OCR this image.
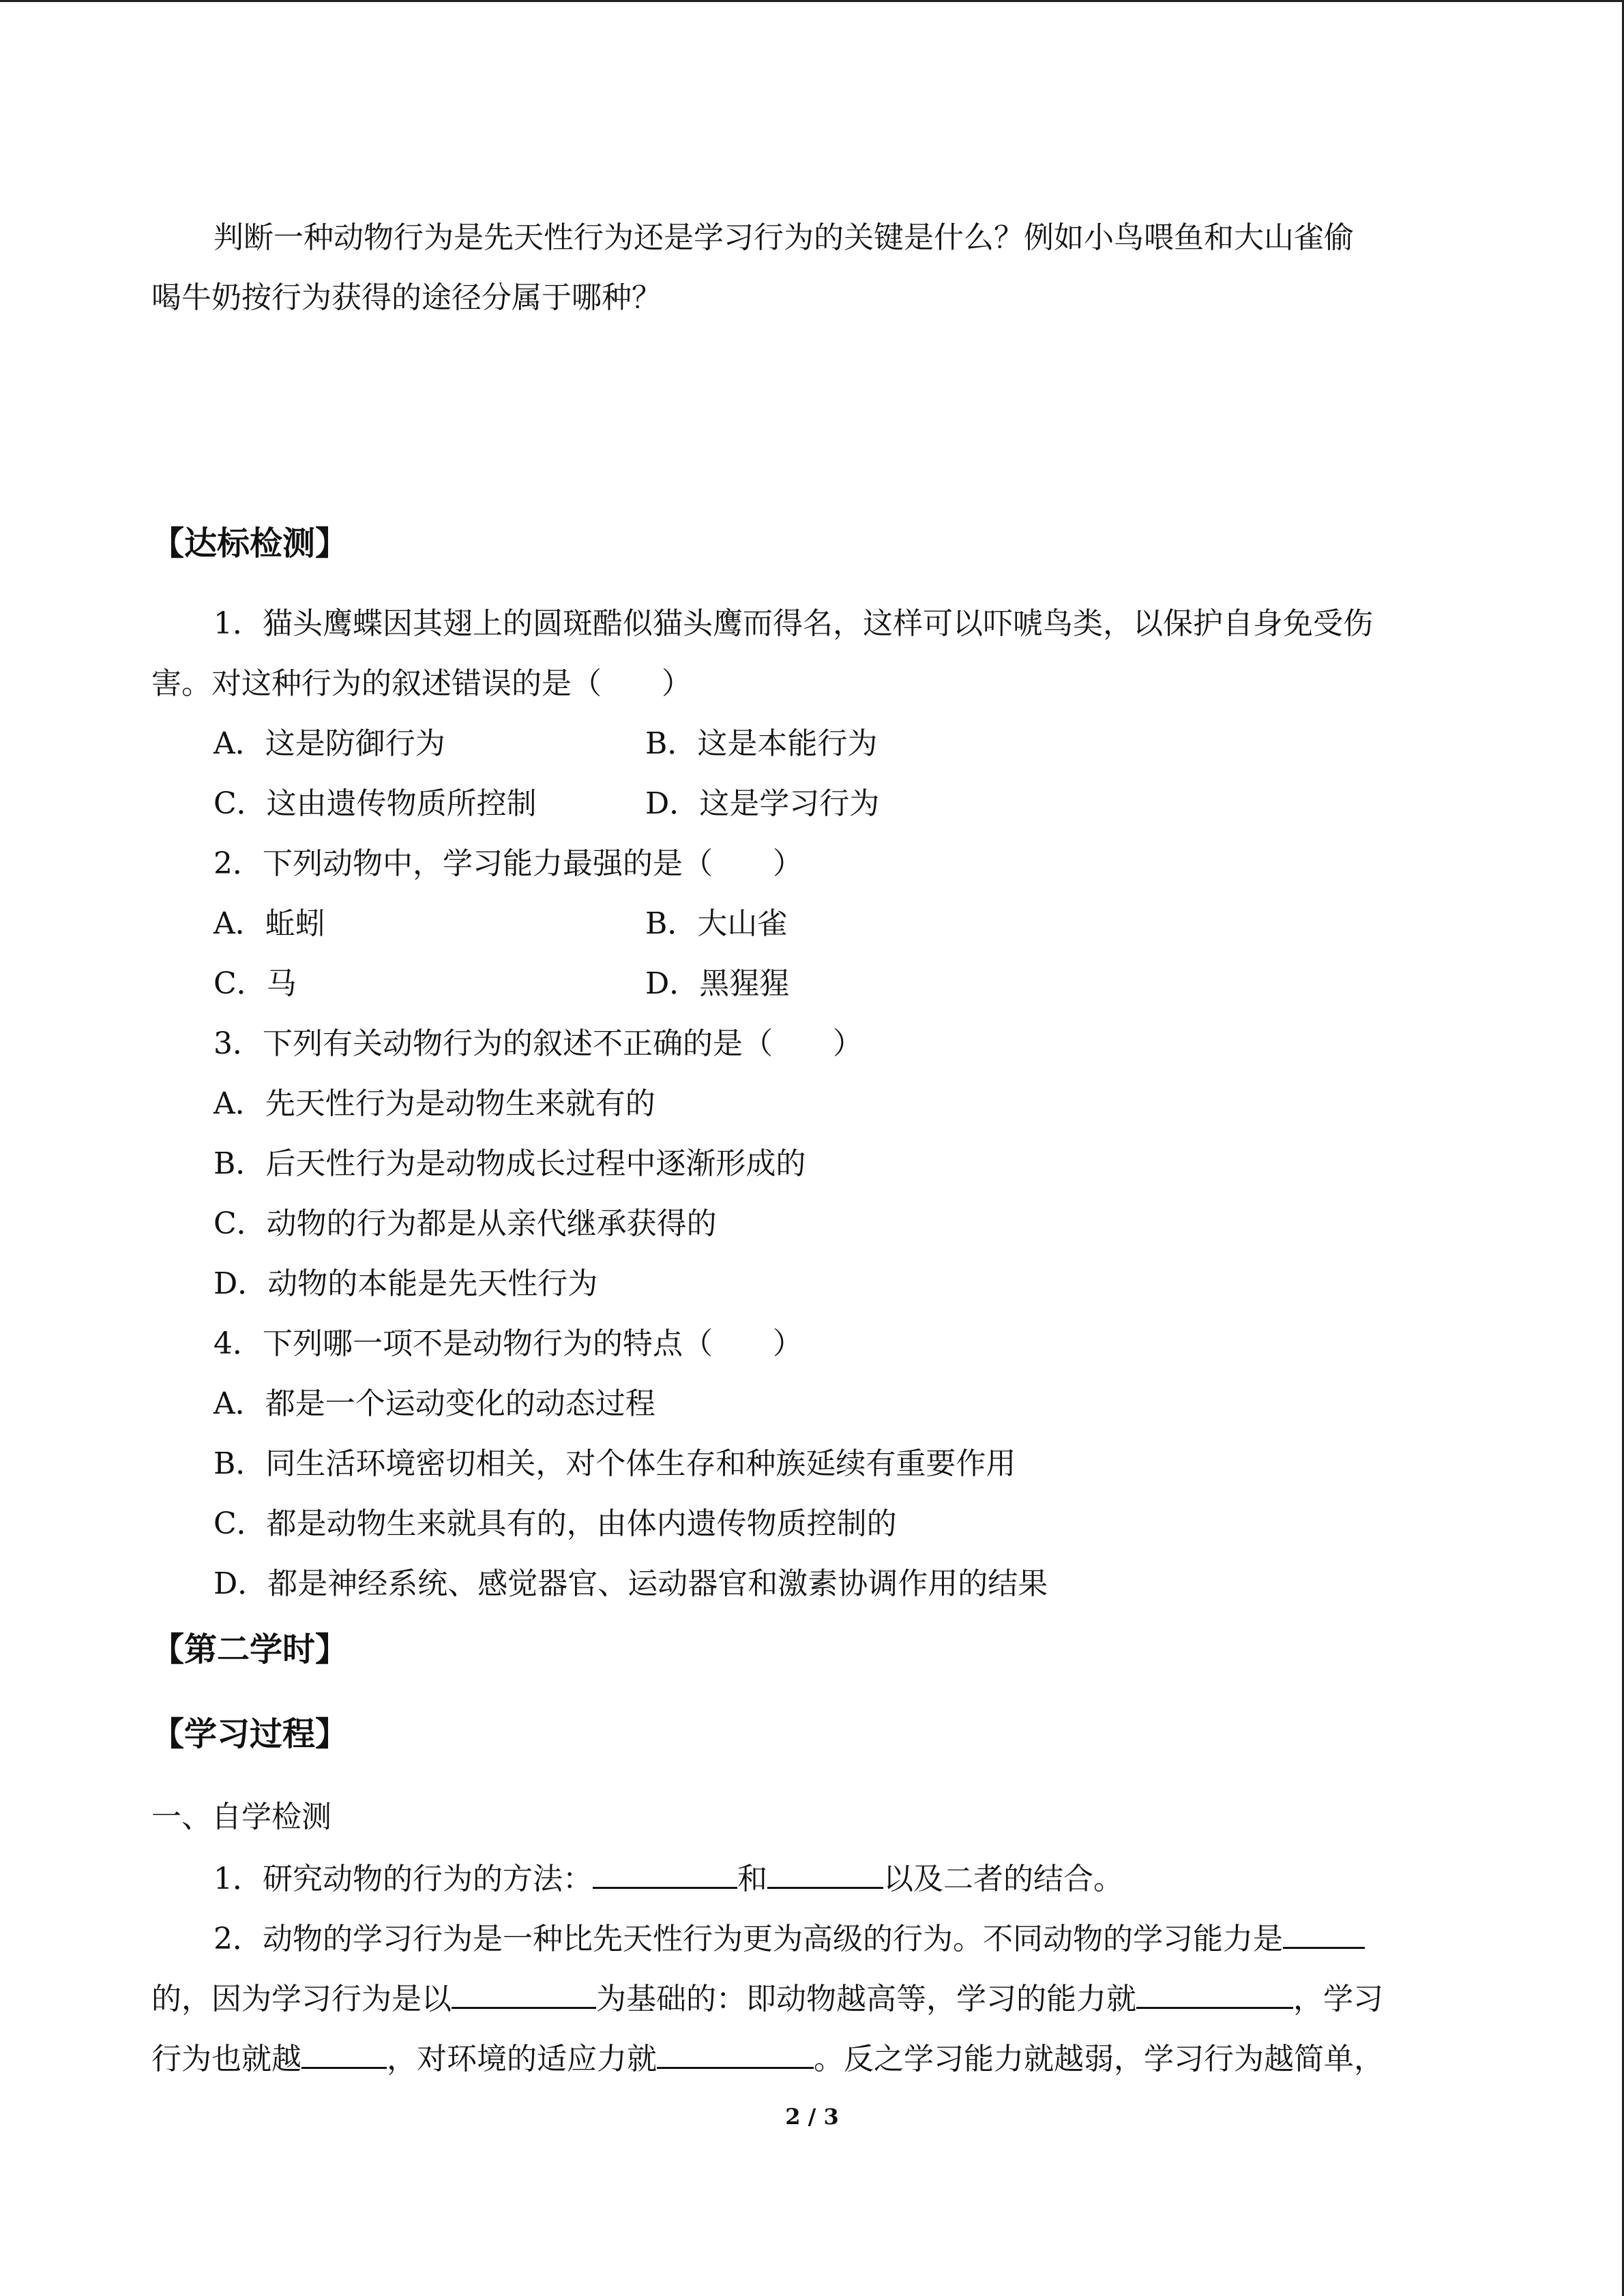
判断一种动物行为是先天性行为还是学习行为的关键是什么？例如小鸟喂鱼和大山雀偷
喝牛奶按行为获得的途径分属于哪种？
【达标检测】
1．猫头鹰蝶因其翅上的圆斑酷似猫头鹰而得名，这样可以吓唬鸟类，以保护自身免受伤
害。对这种行为的叙述错误的是（　　）
A．这是防御行为	B．这是本能行为
C．这由遗传物质所控制	D．这是学习行为
2．下列动物中，学习能力最强的是（　　）
A．蚯蚓	B．大山雀
C．马	D．黑猩猩
3．下列有关动物行为的叙述不正确的是（　　）
A．先天性行为是动物生来就有的
B．后天性行为是动物成长过程中逐渐形成的
C．动物的行为都是从亲代继承获得的
D．动物的本能是先天性行为
4．下列哪一项不是动物行为的特点（　　）
A．都是一个运动变化的动态过程
B．同生活环境密切相关，对个体生存和种族延续有重要作用
C．都是动物生来就具有的，由体内遗传物质控制的
D．都是神经系统、感觉器官、运动器官和激素协调作用的结果
【第二学时】
【学习过程】
一、自学检测
1．研究动物的行为的方法：	和	以及二者的结合。
2．动物的学习行为是一种比先天性行为更为高级的行为。不同动物的学习能力是
的，因为学习行为是以	为基础的：即动物越高等，学习的能力就	，学习
行为也就越	，对环境的适应力就	。反之学习能力就越弱，学习行为越简单，
2 / 3
